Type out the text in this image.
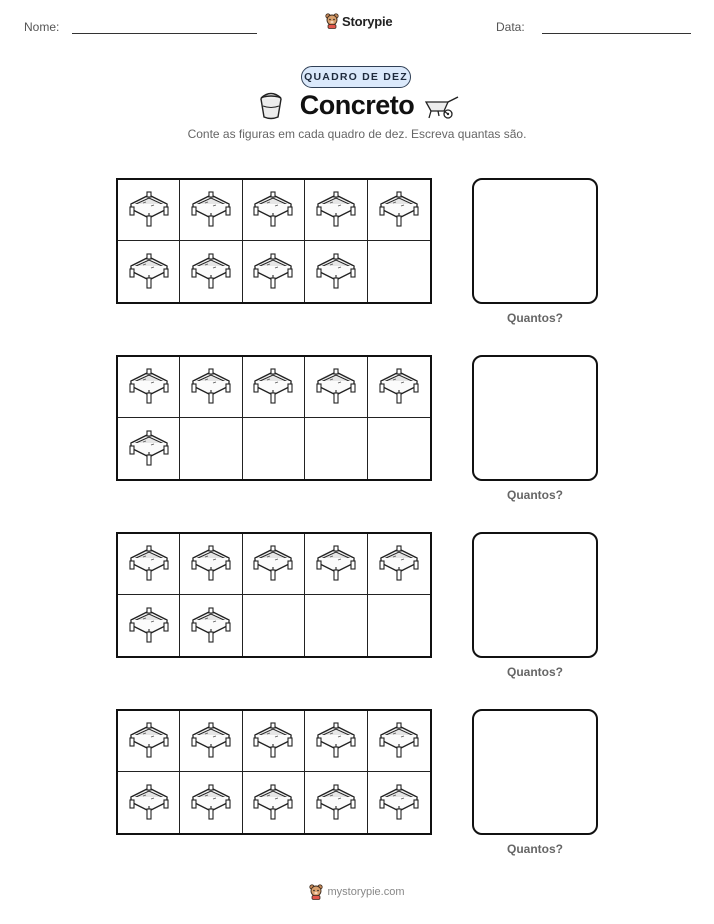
Nome:	Storypie	Data:
QUADRO DE DEZ
Concreto
Conte as figuras em cada quadro de dez. Escreva quantas são.
Quantos?
Quantos?
Quantos?
Quantos?
mystorypie.com
